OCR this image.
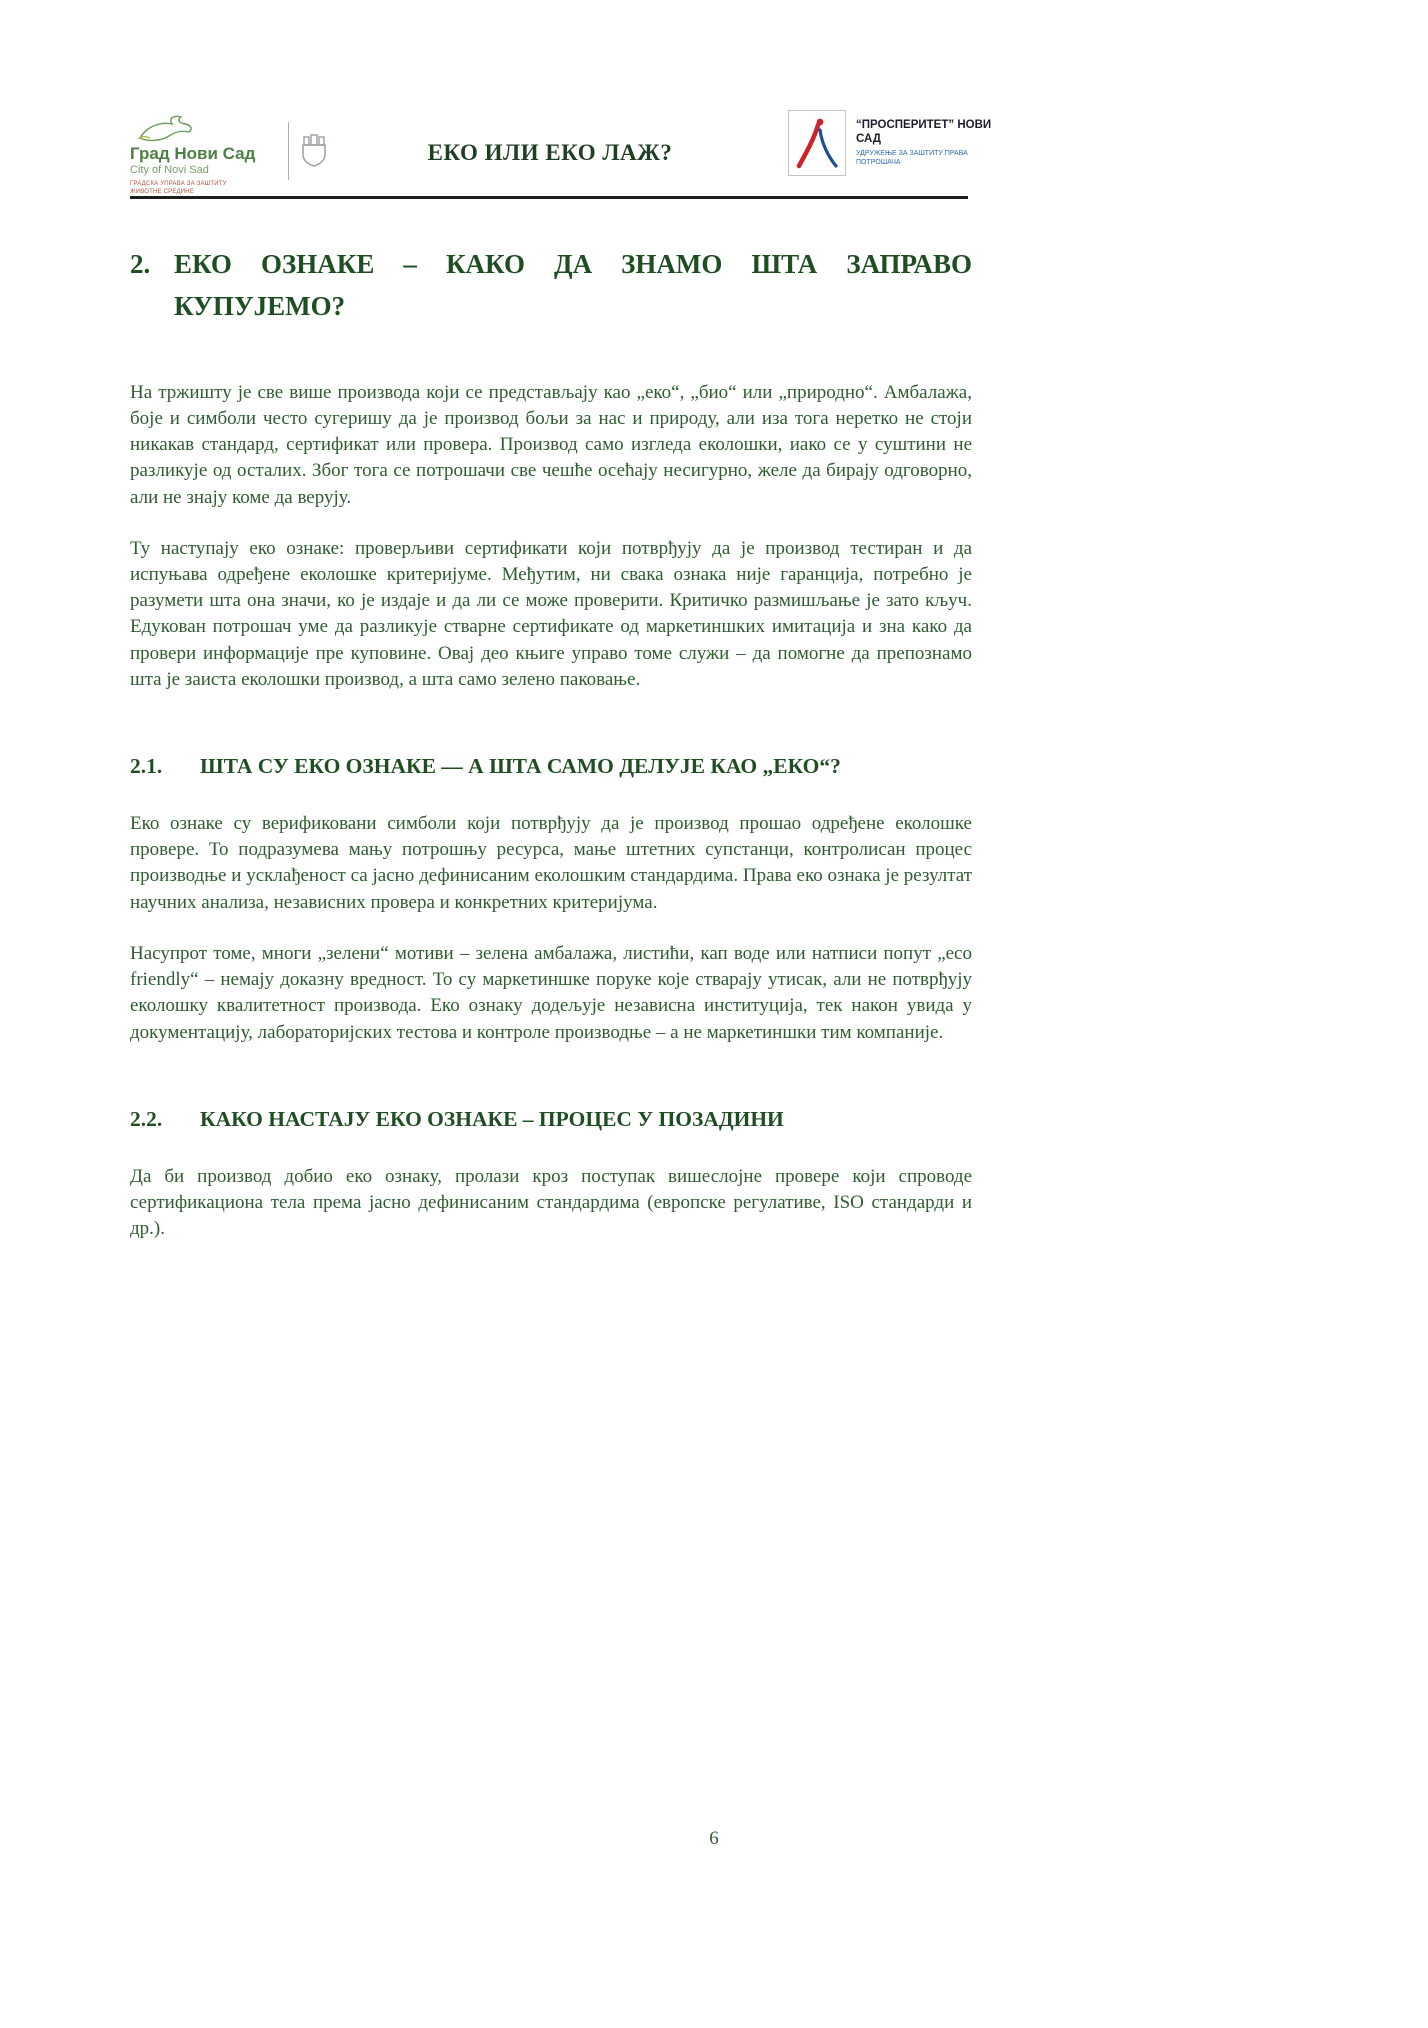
Град Нови Сад
City of Novi Sad
ГРАДСКА УПРАВА ЗА ЗАШТИТУ ЖИВОТНЕ СРЕДИНЕ
ЕКО ИЛИ ЕКО ЛАЖ?
“ПРОСПЕРИТЕТ” НОВИ САД
УДРУЖЕЊЕ ЗА ЗАШТИТУ ПРАВА ПОТРОШАЧА
2. ЕКО ОЗНАКЕ – КАКО ДА ЗНАМО ШТА ЗАПРАВО КУПУЈЕМО?

На тржишту је све више производа који се представљају као „еко“, „био“ или „природно“. Амбалажа, боје и симболи често сугеришу да је производ бољи за нас и природу, али иза тога неретко не стоји никакав стандард, сертификат или провера. Производ само изгледа еколошки, иако се у суштини не разликује од осталих. Због тога се потрошачи све чешће осећају несигурно, желе да бирају одговорно, али не знају коме да верују.

Ту наступају еко ознаке: проверљиви сертификати који потврђују да је производ тестиран и да испуњава одређене еколошке критеријуме. Међутим, ни свака ознака није гаранција, потребно је разумети шта она значи, ко је издаје и да ли се може проверити. Критичко размишљање је зато кључ. Едукован потрошач уме да разликује стварне сертификате од маркетиншких имитација и зна како да провери информације пре куповине. Овај део књиге управо томе служи – да помогне да препознамо шта је заиста еколошки производ, а шта само зелено паковање.

2.1. ШТА СУ ЕКО ОЗНАКЕ — А ШТА САМО ДЕЛУЈЕ КАО „ЕКО“?

Еко ознаке су верификовани симболи који потврђују да је производ прошао одређене еколошке провере. То подразумева мању потрошњу ресурса, мање штетних супстанци, контролисан процес производње и усклађеност са јасно дефинисаним еколошким стандардима. Права еко ознака је резултат научних анализа, независних провера и конкретних критеријума.

Насупрот томе, многи „зелени“ мотиви – зелена амбалажа, листићи, кап воде или натписи попут „eco friendly“ – немају доказну вредност. То су маркетиншке поруке које стварају утисак, али не потврђују еколошку квалитетност производа. Еко ознаку додељује независна институција, тек након увида у документацију, лабораторијских тестова и контроле производње – а не маркетиншки тим компаније.

2.2. КАКО НАСТАЈУ ЕКО ОЗНАКЕ – ПРОЦЕС У ПОЗАДИНИ

Да би производ добио еко ознаку, пролази кроз поступак вишеслојне провере који спроводе сертификациона тела према јасно дефинисаним стандардима (европске регулативе, ISO стандарди и др.).

6
